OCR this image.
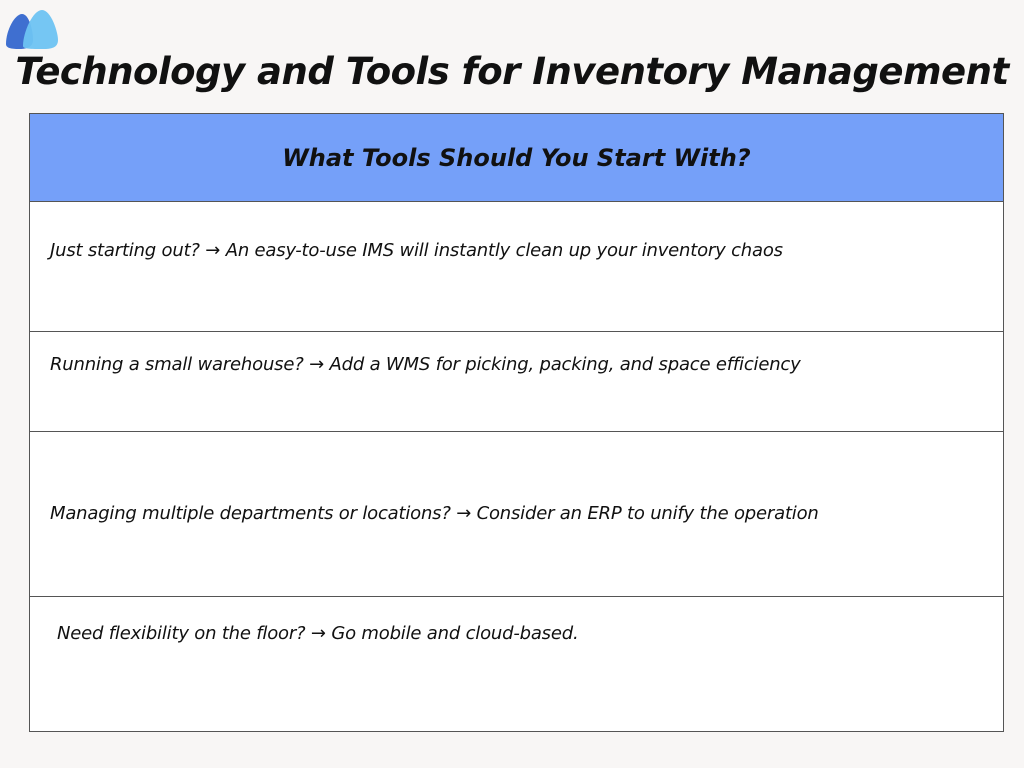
Technology and Tools for Inventory Management
What Tools Should You Start With?
Just starting out? → An easy-to-use IMS will instantly clean up your inventory chaos
Running a small warehouse? → Add a WMS for picking, packing, and space efficiency
Managing multiple departments or locations? → Consider an ERP to unify the operation
Need flexibility on the floor? → Go mobile and cloud-based.
